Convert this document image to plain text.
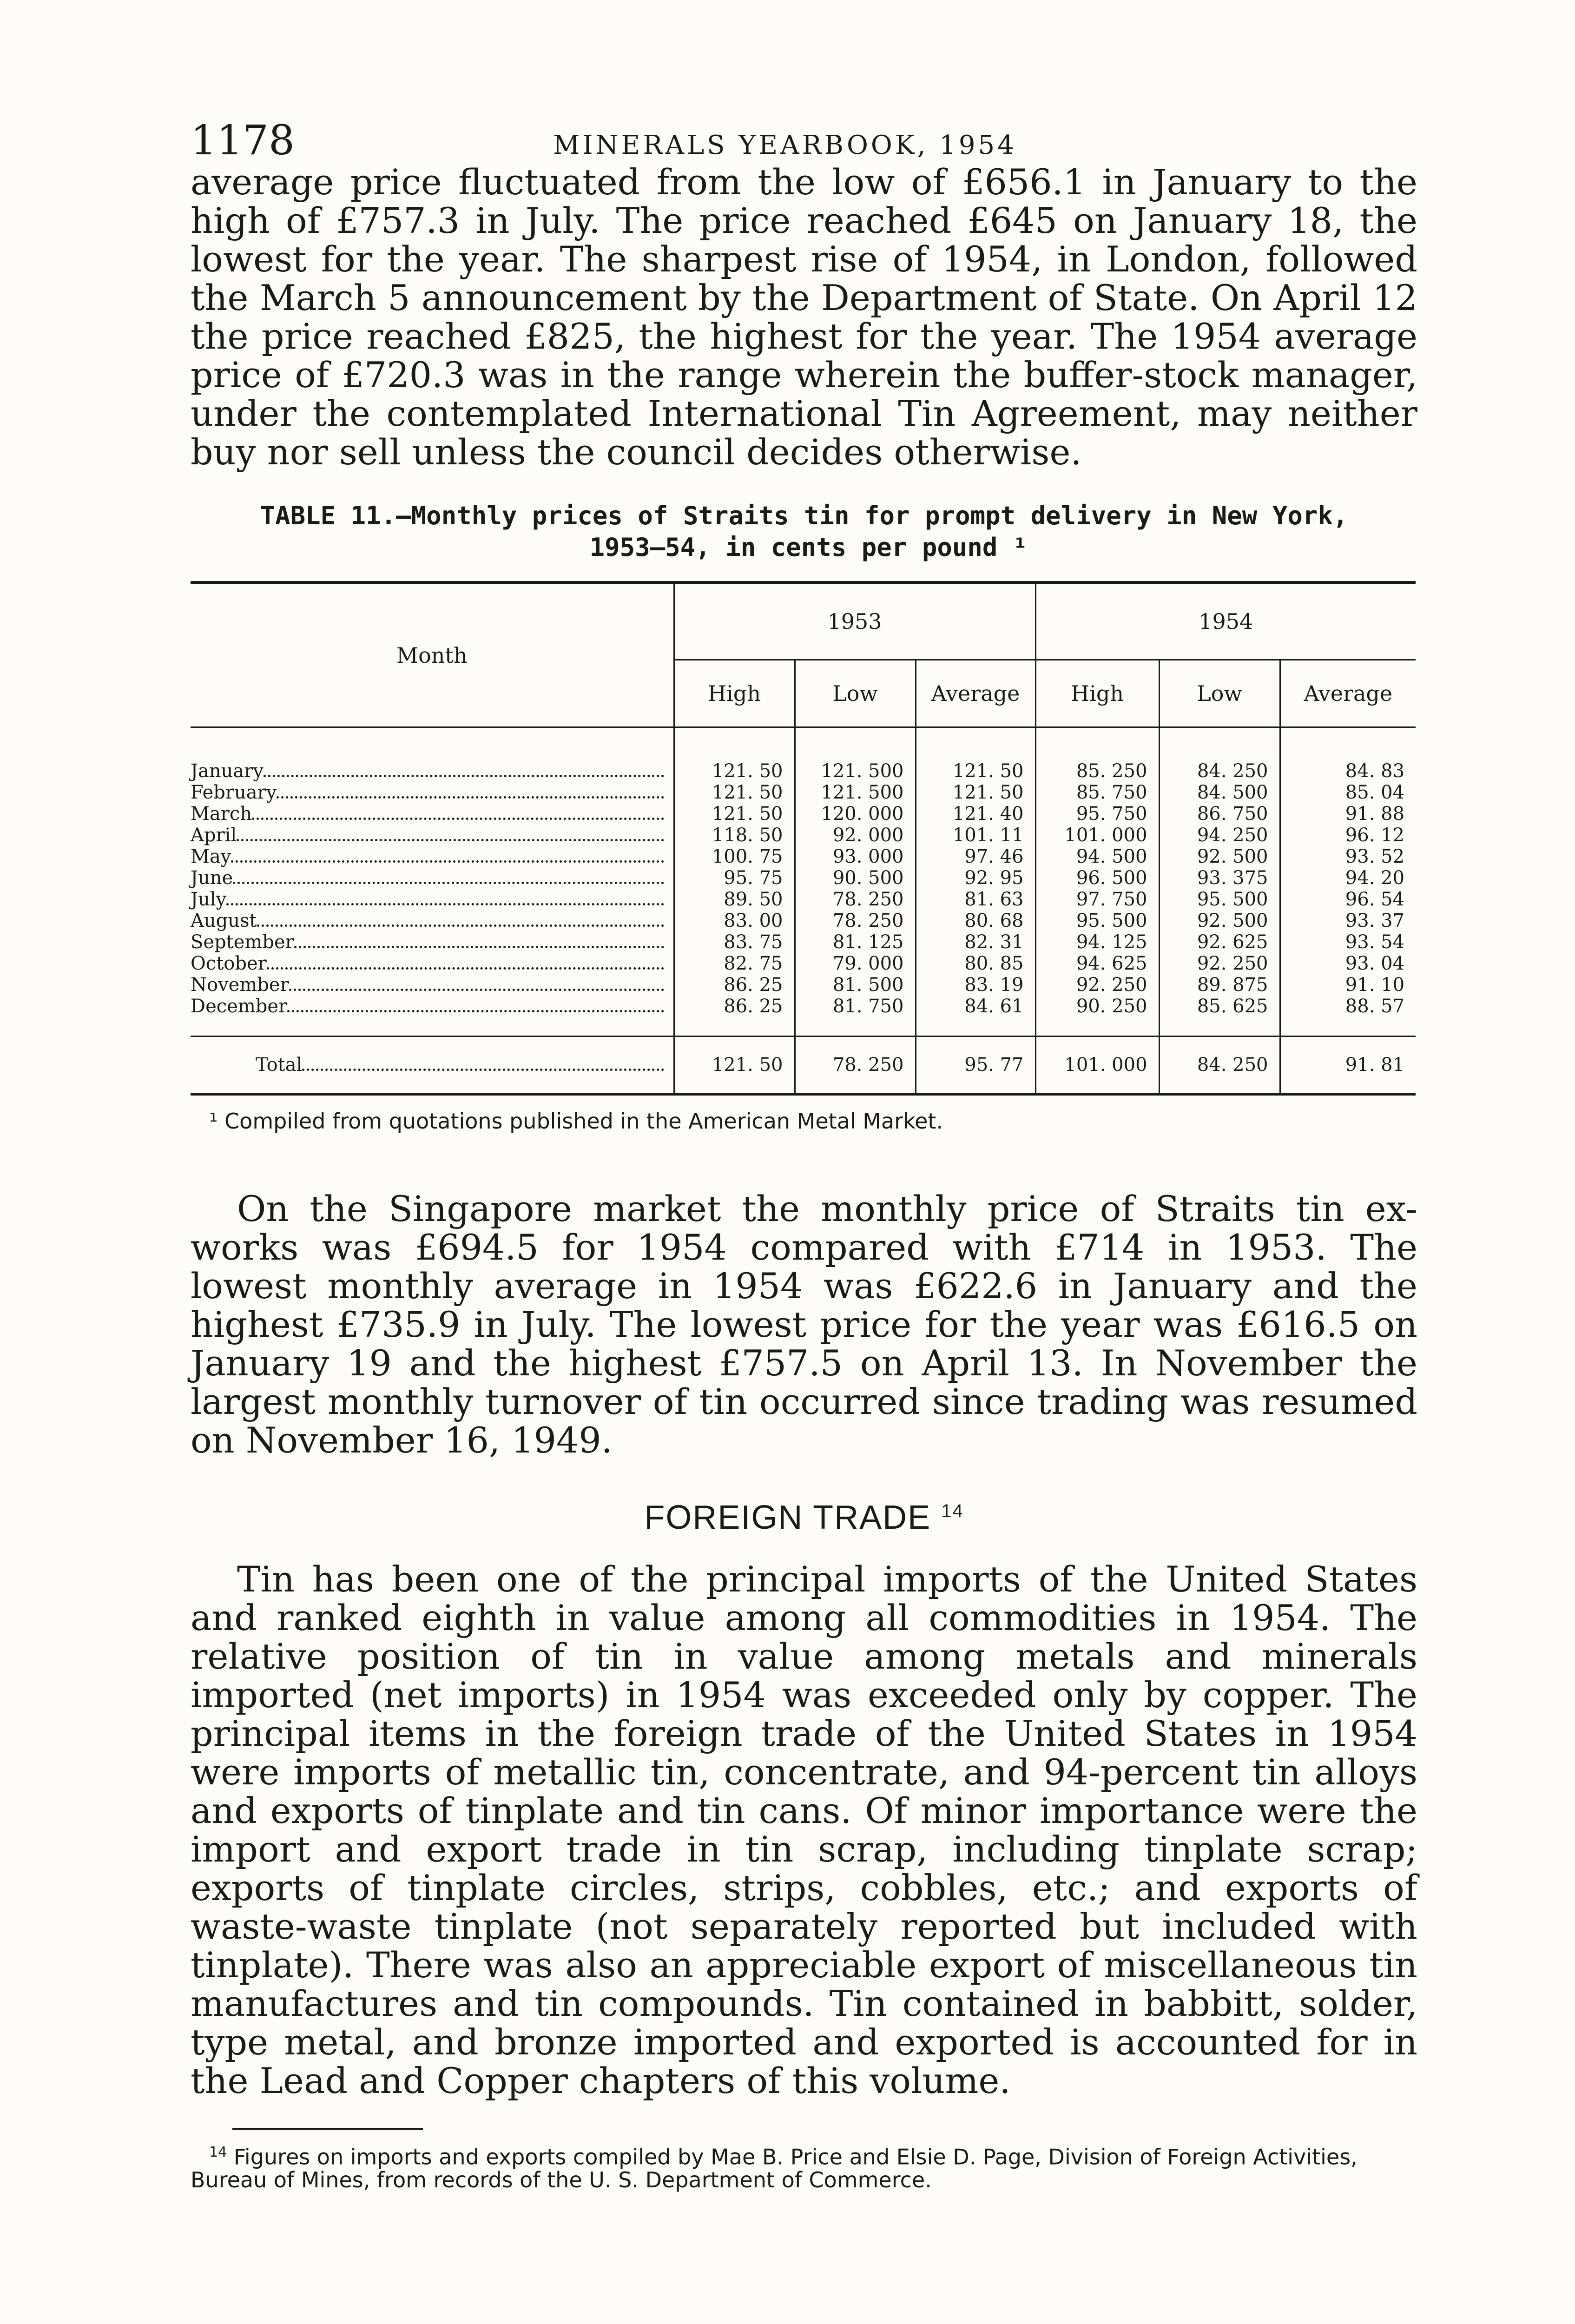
1178	MINERALS YEARBOOK, 1954

average price fluctuated from the low of £656.1 in January to the high of £757.3 in July. The price reached £645 on January 18, the lowest for the year. The sharpest rise of 1954, in London, followed the March 5 announcement by the Department of State. On April 12 the price reached £825, the highest for the year. The 1954 average price of £720.3 was in the range wherein the buffer-stock manager, under the contemplated International Tin Agreement, may neither buy nor sell unless the council decides otherwise.

TABLE 11.—Monthly prices of Straits tin for prompt delivery in New York,
1953–54, in cents per pound ¹
Month	1953			1954		
	High	Low	Average	High	Low	Average

January	121. 50	121. 500	121. 50	85. 250	84. 250	84. 83

February	121. 50	121. 500	121. 50	85. 750	84. 500	85. 04

March	121. 50	120. 000	121. 40	95. 750	86. 750	91. 88

April	118. 50	92. 000	101. 11	101. 000	94. 250	96. 12

May	100. 75	93. 000	97. 46	94. 500	92. 500	93. 52

June	95. 75	90. 500	92. 95	96. 500	93. 375	94. 20

July	89. 50	78. 250	81. 63	97. 750	95. 500	96. 54

August	83. 00	78. 250	80. 68	95. 500	92. 500	93. 37

September	83. 75	81. 125	82. 31	94. 125	92. 625	93. 54

October	82. 75	79. 000	80. 85	94. 625	92. 250	93. 04

November	86. 25	81. 500	83. 19	92. 250	89. 875	91. 10

December	86. 25	81. 750	84. 61	90. 250	85. 625	88. 57

Total	121. 50	78. 250	95. 77	101. 000	84. 250	91. 81
¹ Compiled from quotations published in the American Metal Market.

On the Singapore market the monthly price of Straits tin ex-works was £694.5 for 1954 compared with £714 in 1953. The lowest monthly average in 1954 was £622.6 in January and the highest £735.9 in July. The lowest price for the year was £616.5 on January 19 and the highest £757.5 on April 13. In November the largest monthly turnover of tin occurred since trading was resumed on November 16, 1949.

FOREIGN TRADE $^{14}$

Tin has been one of the principal imports of the United States and ranked eighth in value among all commodities in 1954. The relative position of tin in value among metals and minerals imported (net imports) in 1954 was exceeded only by copper. The principal items in the foreign trade of the United States in 1954 were imports of metallic tin, concentrate, and 94-percent tin alloys and exports of tinplate and tin cans. Of minor importance were the import and export trade in tin scrap, including tinplate scrap; exports of tinplate circles, strips, cobbles, etc.; and exports of waste-waste tinplate (not separately reported but included with tinplate). There was also an appreciable export of miscellaneous tin manufactures and tin compounds. Tin contained in babbitt, solder, type metal, and bronze imported and exported is accounted for in the Lead and Copper chapters of this volume.

$^{14}$ Figures on imports and exports compiled by Mae B. Price and Elsie D. Page, Division of Foreign Activities, Bureau of Mines, from records of the U. S. Department of Commerce.
